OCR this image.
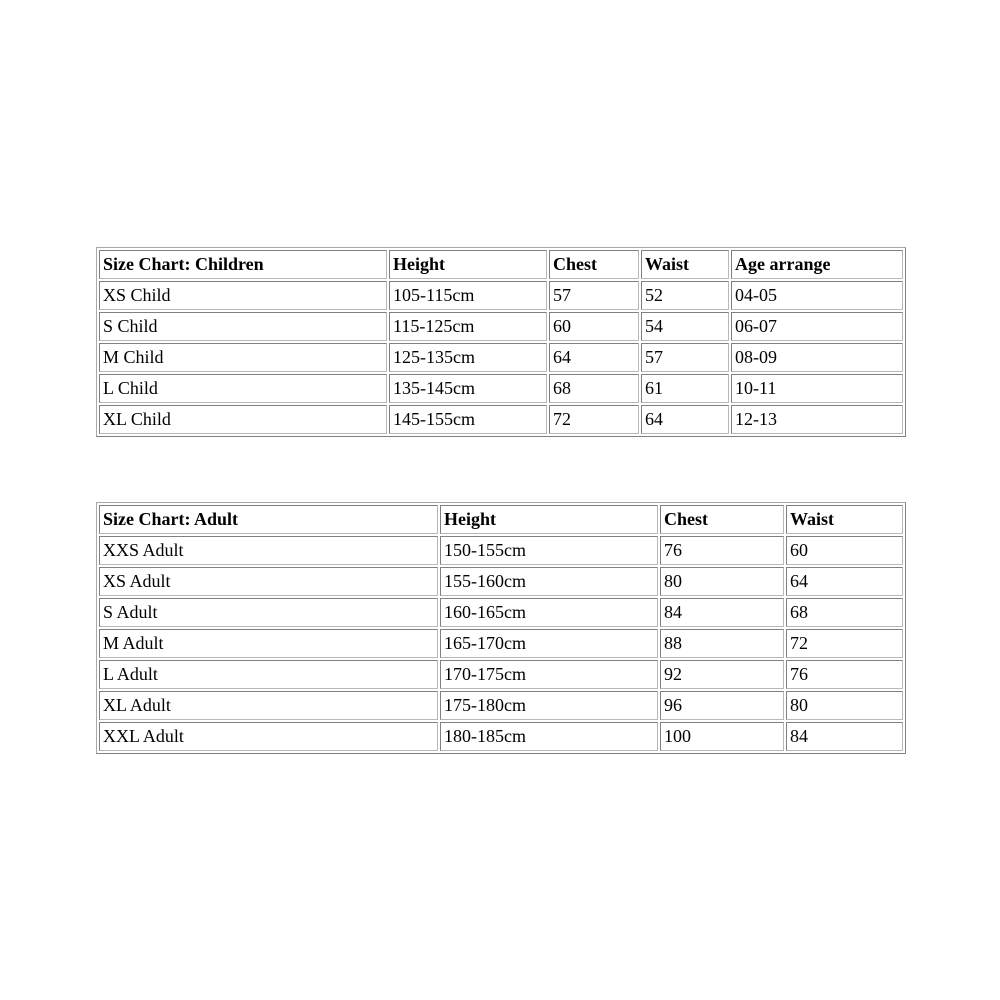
Size Chart: Children	Height	Chest	Waist	Age arrange
XS Child	105-115cm	57	52	04-05
S Child	115-125cm	60	54	06-07
M Child	125-135cm	64	57	08-09
L Child	135-145cm	68	61	10-11
XL Child	145-155cm	72	64	12-13
Size Chart: Adult	Height	Chest	Waist
XXS Adult	150-155cm	76	60
XS Adult	155-160cm	80	64
S Adult	160-165cm	84	68
M Adult	165-170cm	88	72
L Adult	170-175cm	92	76
XL Adult	175-180cm	96	80
XXL Adult	180-185cm	100	84
